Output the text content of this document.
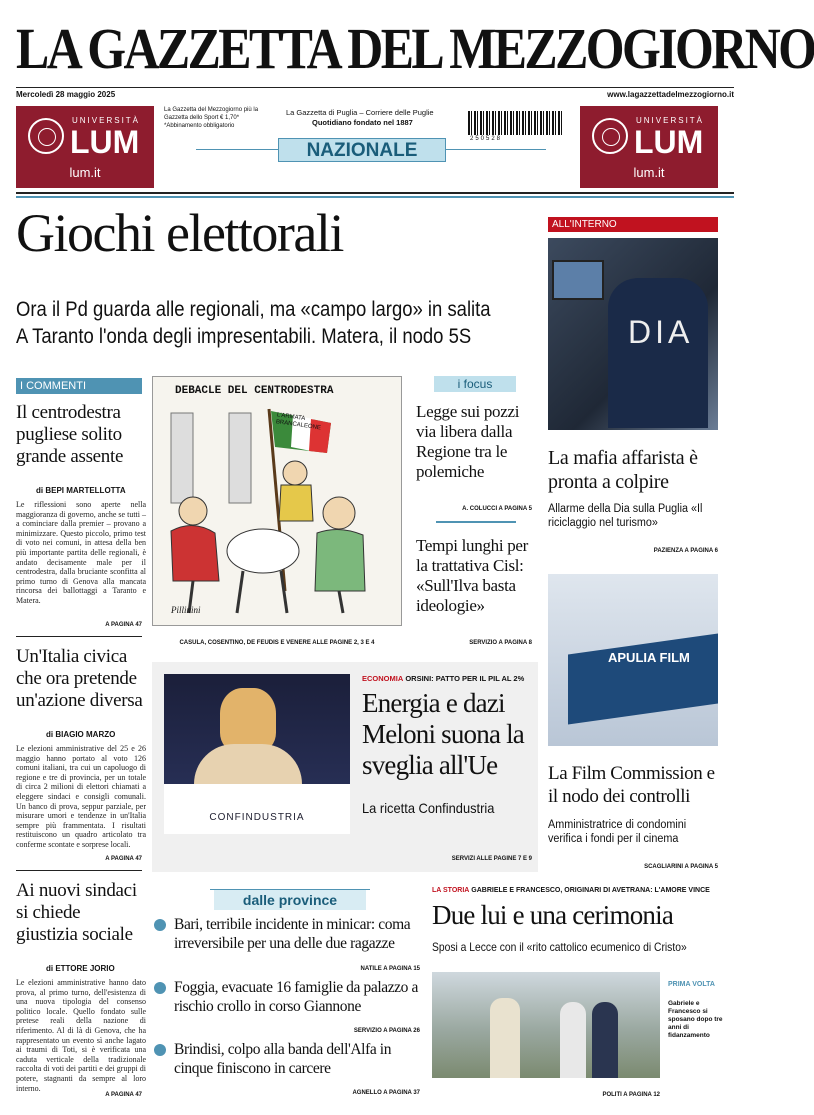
LA GAZZETTA DEL MEZZOGIORNO
Mercoledì 28 maggio 2025	www.lagazzettadelmezzogiorno.it
UNIVERSITÀ
LUM
lum.it
UNIVERSITÀ
LUM
lum.it
La Gazzetta del Mezzogiorno più la Gazzetta dello Sport € 1,70* *Abbinamento obbligatorio
La Gazzetta di Puglia – Corriere delle Puglie
Quotidiano fondato nel 1887
250528
NAZIONALE
Giochi elettorali
Ora il Pd guarda alle regionali, ma «campo largo» in salita
A Taranto l'onda degli impresentabili. Matera, il nodo 5S
I COMMENTI
Il centrodestra pugliese solito grande assente
di BEPI MARTELLOTTA
Le riflessioni sono aperte nella maggioranza di governo, anche se tutti – a cominciare dalla premier – provano a minimizzare. Questo piccolo, primo test di voto nei comuni, in attesa della ben più importante partita delle regionali, è andato decisamente male per il centrodestra, dalla bruciante sconfitta al primo turno di Genova alla mancata rincorsa dei ballottaggi a Taranto e Matera.
A PAGINA 47
Un'Italia civica che ora pretende un'azione diversa
di BIAGIO MARZO
Le elezioni amministrative del 25 e 26 maggio hanno portato al voto 126 comuni italiani, tra cui un capoluogo di regione e tre di provincia, per un totale di circa 2 milioni di elettori chiamati a eleggere sindaci e consigli comunali. Un banco di prova, seppur parziale, per misurare umori e tendenze in un'Italia sempre più frammentata. I risultati restituiscono un quadro articolato tra conferme scontate e sorprese locali.
A PAGINA 47
Ai nuovi sindaci si chiede giustizia sociale
di ETTORE JORIO
Le elezioni amministrative hanno dato prova, al primo turno, dell'esistenza di una nuova tipologia del consenso politico locale. Quello fondato sulle pretese reali della nazione di riferimento. Al di là di Genova, che ha rappresentato un evento sì anche lagato ai traumi di Toti, si è verificata una caduta verticale della tradizionale raccolta di voti dei partiti e dei gruppi di potere, stagnanti da sempre al loro interno.
A PAGINA 47
DEBACLE DEL CENTRODESTRA
L'ARMATA BRANCALEONE
Pillinini
CASULA, COSENTINO, DE FEUDIS E VENERE ALLE PAGINE 2, 3 E 4
i focus
Legge sui pozzi via libera dalla Regione tra le polemiche
A. COLUCCI A PAGINA 5
Tempi lunghi per la trattativa Cisl: «Sull'Ilva basta ideologie»
SERVIZIO A PAGINA 8
ALL'INTERNO
DIA
La mafia affarista è pronta a colpire
Allarme della Dia sulla Puglia «Il riciclaggio nel turismo»
PAZIENZA A PAGINA 6
APULIA FILM
La Film Commission e il nodo dei controlli
Amministratrice di condomini verifica i fondi per il cinema
SCAGLIARINI A PAGINA 5
CONFINDUSTRIA
ECONOMIA ORSINI: PATTO PER IL PIL AL 2%
Energia e dazi Meloni suona la sveglia all'Ue
La ricetta Confindustria
SERVIZI ALLE PAGINE 7 E 9
dalle province
Bari, terribile incidente in minicar: coma irreversibile per una delle due ragazze
NATILE A PAGINA 15
Foggia, evacuate 16 famiglie da palazzo a rischio crollo in corso Giannone
SERVIZIO A PAGINA 26
Brindisi, colpo alla banda dell'Alfa in cinque finiscono in carcere
AGNELLO A PAGINA 37
LA STORIA GABRIELE E FRANCESCO, ORIGINARI DI AVETRANA: L'AMORE VINCE
Due lui e una cerimonia
Sposi a Lecce con il «rito cattolico ecumenico di Cristo»
PRIMA VOLTA
Gabriele e Francesco si sposano dopo tre anni di fidanzamento
POLITI A PAGINA 12
